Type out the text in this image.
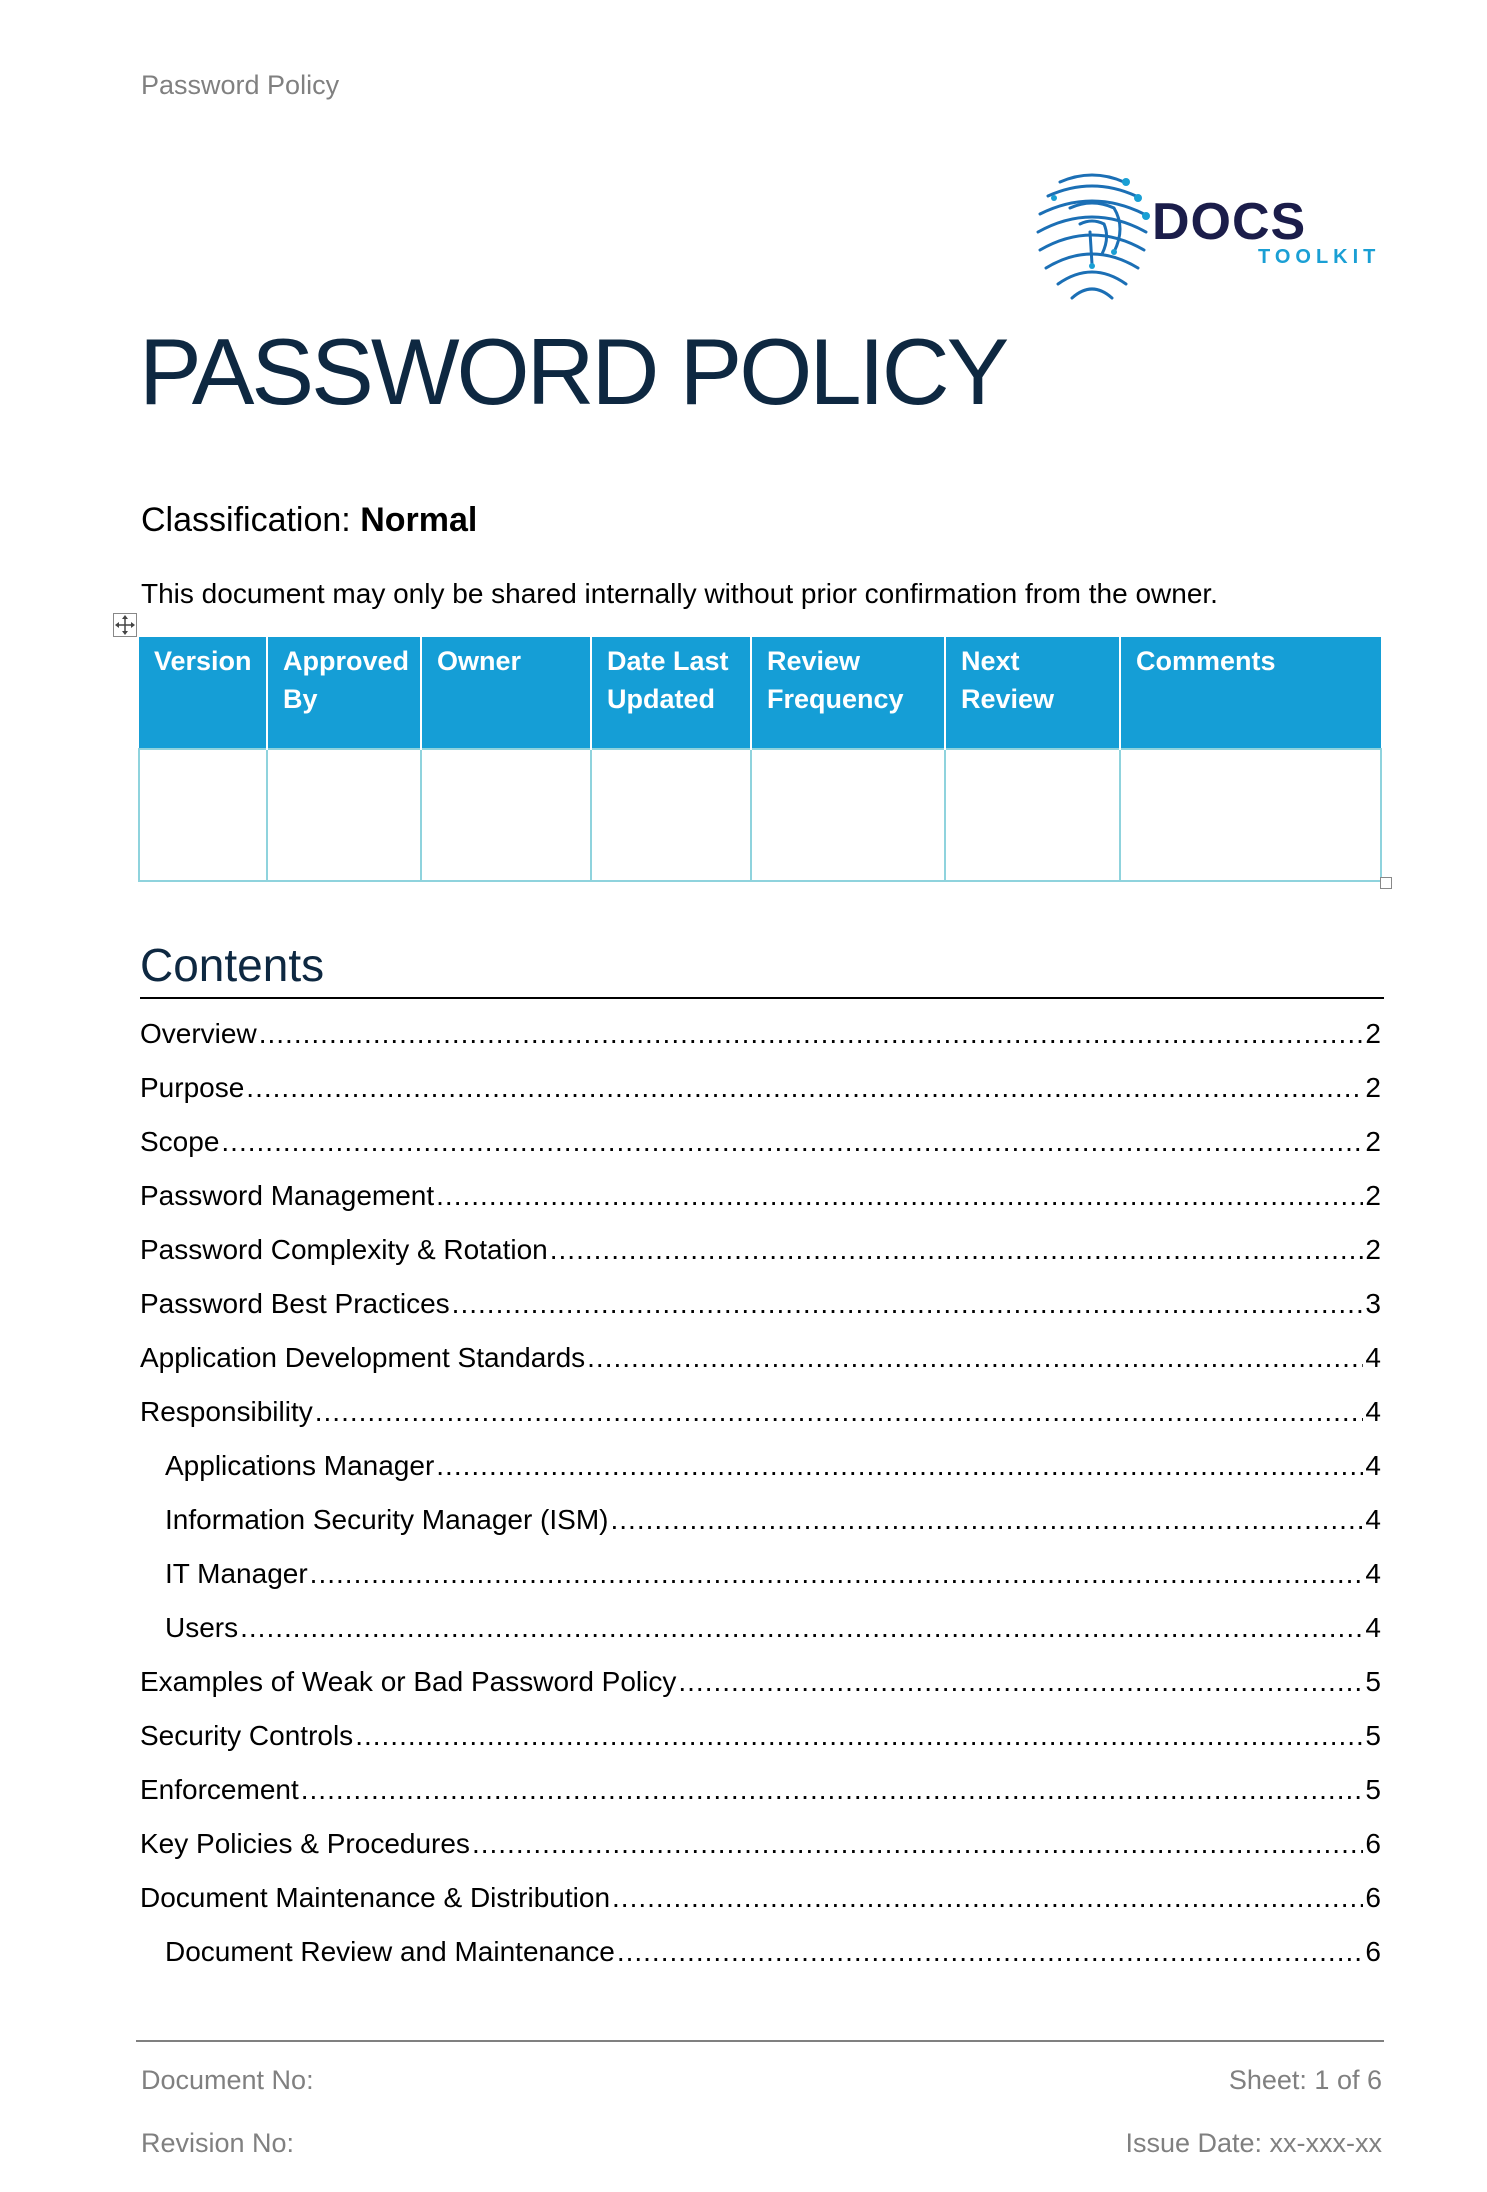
Password Policy
DOCS
TOOLKIT
PASSWORD POLICY
Classification: Normal
This document may only be shared internally without prior confirmation from the owner.
Version	Approved By	Owner	Date Last Updated	Review Frequency	Next Review	Comments

Contents
Overview .....	2
Purpose .....	2
Scope .....	2
Password Management .....	2
Password Complexity & Rotation .....	2
Password Best Practices .....	3
Application Development Standards .....	4
Responsibility .....	4
Applications Manager .....	4
Information Security Manager (ISM) .....	4
IT Manager .....	4
Users .....	4
Examples of Weak or Bad Password Policy .....	5
Security Controls .....	5
Enforcement .....	5
Key Policies & Procedures .....	6
Document Maintenance & Distribution .....	6
Document Review and Maintenance .....	6
Document No:
Revision No:
Sheet: 1 of 6
Issue Date: xx-xxx-xx
